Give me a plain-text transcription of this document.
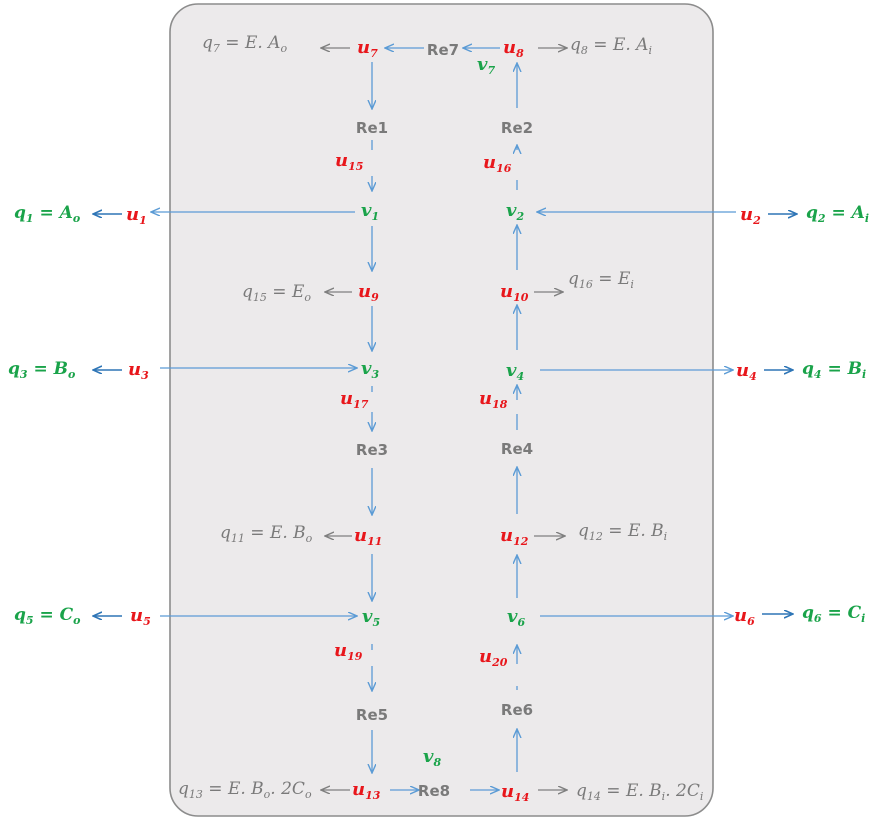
Re1	Re2
Re3	Re4
Re5	Re6
Re7
Re8
$u_1$	$u_2$
$u_3$	$u_4$
$u_5$	$u_6$
$u_7$	$u_8$
$u_9$	$u_{10}$
$u_{11}$	$u_{12}$
$u_{13}$	$u_{14}$
$u_{15}$	$u_{16}$
$u_{17}$	$u_{18}$
$u_{19}$	$u_{20}$
$v_1$	$v_2$
$v_3$	$v_4$
$v_5$	$v_6$
$v_7$
$v_8$
$q_1 = A_o$	$q_2 = A_i$
$q_3 = B_o$	$q_4 = B_i$
$q_5 = C_o$	$q_6 = C_i$
$q_7 = E$. $A_o$	$q_8 = E$. $A_i$
$q_{15} = E_o$
$q_{16} = E_i$
$q_{11} = E$. $B_o$	$q_{12} = E$. $B_i$
$q_{13} = E$. $B_o$. $2C_o$	$q_{14} = E$. $B_i$. $2C_i$
